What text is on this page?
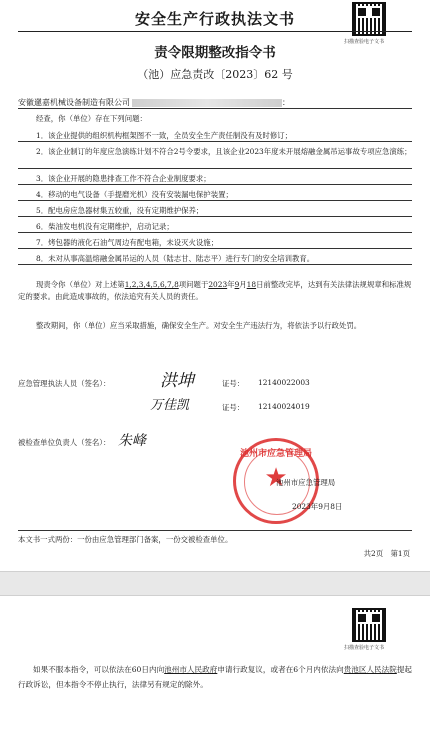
安全生产行政执法文书
扫描查验电子文书
责令限期整改指令书
（池）应急责改〔2023〕62 号
安徽邋嘉机械设备制造有限公司	：
经查，你（单位）存在下列问题：
1．该企业提供的组织机构框架图不一致，全员安全生产责任制没有及时修订；
2．该企业制订的年度应急演练计划不符合2号令要求，且该企业2023年度未开展熔融金属吊运事故专项应急演练；
3．该企业开展的隐患排查工作不符合企业制度要求；
4．移动的电气设备（手提磨光机）没有安装漏电保护装置；
5．配电房应急器材集五较重，没有定期维护保养；
6．柴油发电机没有定期维护，启动记录；
7．烤包器的液化石油气周边有配电箱，未设灭火设施；
8．未对从事高温熔融金属吊运的人员（陆志甘、陆志平）进行专门的安全培训教育。
现责令你（单位）对上述第1,2,3,4,5,6,7,8项问题于2023年9月18日前整改完毕，达到有关法律法规规章和标准规定的要求。由此造成事故的，依法追究有关人员的责任。
整改期间，你（单位）应当采取措施，确保安全生产。对安全生产违法行为，将依法予以行政处罚。
应急管理执法人员（签名）：	洪坤	证号： 12140022003
万佳凯	证号： 12140024019
被检查单位负责人（签名）： 朱峰
池州市应急管理局
★
池州市应急管理局
2023年9月8日
本文书一式两份：一份由应急管理部门备案，一份交被检查单位。
共2页　第1页
扫描查验电子文书
如果不服本指令，可以依法在60日内向池州市人民政府申请行政复议，或者在6个月内依法向贵池区人民法院提起行政诉讼，但本指令不停止执行，法律另有规定的除外。
